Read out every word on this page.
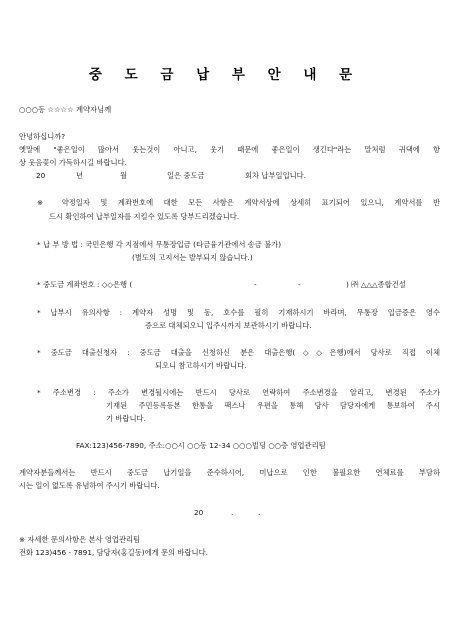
중 도 금 납 부 안 내 문
○○○동 ☆☆☆☆ 계약자님께
안녕하십니까?
옛말에 "좋은일이 많아서 웃는것이 아니고, 웃기 때문에 좋은일이 생긴다"라는 말처럼 귀댁에 항
상 웃음꽃이 가득하시길 바랍니다.
20	년	월	일은 중도금	회차 납부일입니다.
※ 약정일자 및 계좌번호에 대한 모든 사항은 계약서상에 상세히 표기되어 있으니, 계약서를 반
드시 확인하여 납부일자를 지킬수 있도록 당부드리겠습니다.
* 납 부 방 법 : 국민은행 각 지점에서 무통장입금 (타금융기관에서 송금 불가)
(별도의 고지서는 발부되지 않습니다.)
* 중도금 계좌번호 : ◇◇은행 (	-	-	) ㈜ △△△종합건설
* 납부시 유의사항 : 계약자 성명 및 동, 호수를 필히 기재하시기 바라며, 무통장 입금증은 영수
증으로 대체되오니 입주시까지 보관하시기 바랍니다.
* 중도금 대출신청자 : 중도금 대출을 신청하신 분은 대출은행(◇◇은행)에서 당사로 직접 이체
되오니 참고하시기 바랍니다.
* 주소변경 : 주소가 변경될시에는 반드시 당사로 연락하여 주소변경을 알리고, 변경된 주소가
기재된 주민등록등본 한통을 팩스나 우편을 통해 당사 담당자에게 통보하여 주시
기 바랍니다.
FAX:123)456-7890, 주소:○○시 ○○동 12-34 ○○○빌딩 ○○층 영업관리팀
계약자분들께서는 반드시 중도금 납기일을 준수하시어, 미납으로 인한 불필요한 연체료를 부담하
시는 일이 없도록 유념하여 주시기 바랍니다.
20	.	.
※ 자세한 문의사항은 본사 영업관리팀
전화 123)456 - 7891, 담당자(홍길동)에게 문의 바랍니다.
